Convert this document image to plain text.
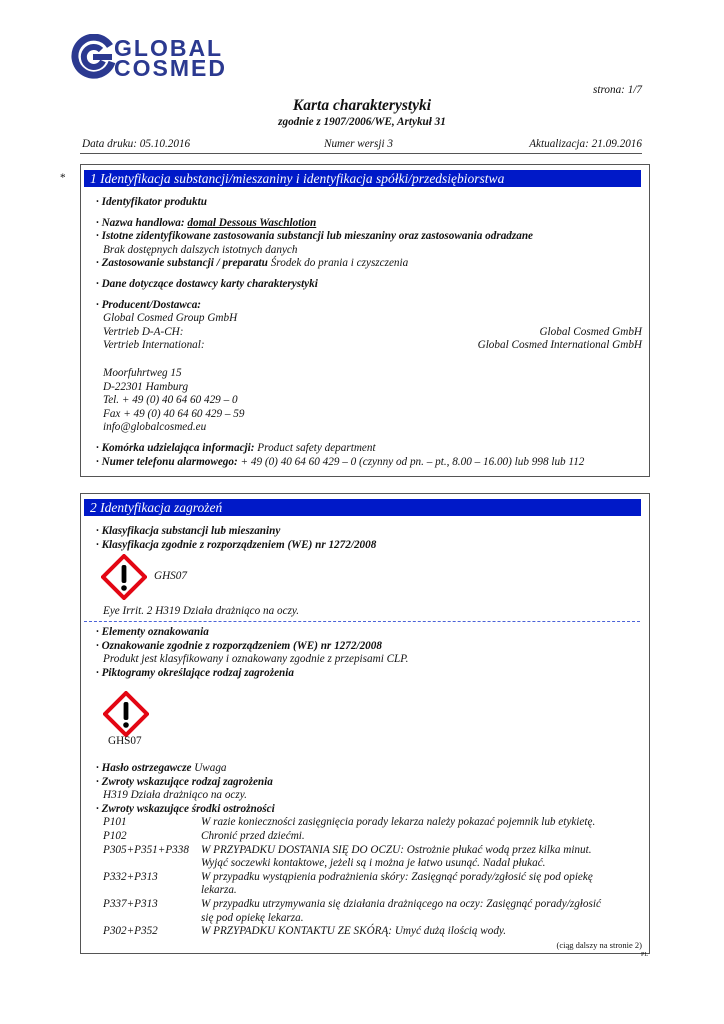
GLOBAL
COSMED
strona: 1/7
Karta charakterystyki
zgodnie z 1907/2006/WE, Artykuł 31
Data druku: 05.10.2016	Numer wersji 3	Aktualizacja: 21.09.2016
*	1 Identyfikacja substancji/mieszaniny i identyfikacja spółki/przedsiębiorstwa
· Identyfikator produktu
· Nazwa handlowa: domal Dessous Waschlotion
· Istotne zidentyfikowane zastosowania substancji lub mieszaniny oraz zastosowania odradzane
Brak dostępnych dalszych istotnych danych
· Zastosowanie substancji / preparatu Środek do prania i czyszczenia
· Dane dotyczące dostawcy karty charakterystyki
· Producent/Dostawca:
Global Cosmed Group GmbH
Vertrieb D-A-CH:	Global Cosmed GmbH
Vertrieb International:	Global Cosmed International GmbH
Moorfuhrtweg 15
D-22301 Hamburg
Tel. + 49 (0) 40 64 60 429 – 0
Fax + 49 (0) 40 64 60 429 – 59
info@globalcosmed.eu
· Komórka udzielająca informacji: Product safety department
· Numer telefonu alarmowego: + 49 (0) 40 64 60 429 – 0 (czynny od pn. – pt., 8.00 – 16.00) lub 998 lub 112
2 Identyfikacja zagrożeń
· Klasyfikacja substancji lub mieszaniny
· Klasyfikacja zgodnie z rozporządzeniem (WE) nr 1272/2008
GHS07
Eye Irrit. 2 H319 Działa drażniąco na oczy.
· Elementy oznakowania
· Oznakowanie zgodnie z rozporządzeniem (WE) nr 1272/2008
Produkt jest klasyfikowany i oznakowany zgodnie z przepisami CLP.
· Piktogramy określające rodzaj zagrożenia
GHS07
· Hasło ostrzegawcze Uwaga
· Zwroty wskazujące rodzaj zagrożenia
H319 Działa drażniąco na oczy.
· Zwroty wskazujące środki ostrożności
P101	W razie konieczności zasięgnięcia porady lekarza należy pokazać pojemnik lub etykietę.
P102	Chronić przed dziećmi.
P305+P351+P338	W PRZYPADKU DOSTANIA SIĘ DO OCZU: Ostrożnie płukać wodą przez kilka minut.
Wyjąć soczewki kontaktowe, jeżeli są i można je łatwo usunąć. Nadal płukać.
P332+P313	W przypadku wystąpienia podrażnienia skóry: Zasięgnąć porady/zgłosić się pod opiekę
lekarza.
P337+P313	W przypadku utrzymywania się działania drażniącego na oczy: Zasięgnąć porady/zgłosić
się pod opiekę lekarza.
P302+P352	W PRZYPADKU KONTAKTU ZE SKÓRĄ: Umyć dużą ilością wody.
(ciąg dalszy na stronie 2)
PL
